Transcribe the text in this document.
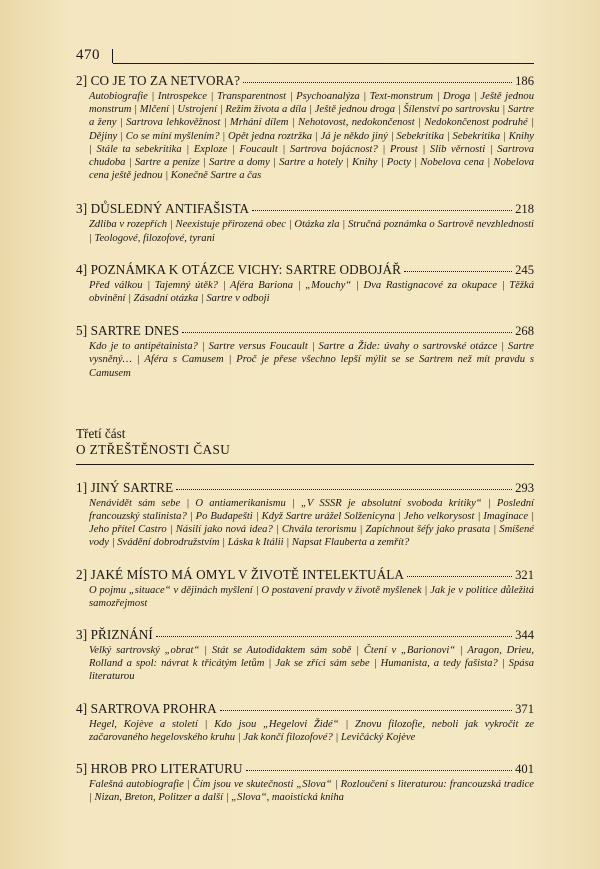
470
2] CO JE TO ZA NETVORA?	186
Autobiografie | Introspekce | Transparentnost | Psychoanalýza | Text-monstrum | Droga | Ještě jednou monstrum | Mlčení | Ustrojení | Režim života a díla | Ještě jednou droga | Šílenství po sartrovsku | Sartre a ženy | Sartrova lehkověžnost | Mrhání dílem | Nehotovost, nedokončenost | Nedokončenost podruhé | Dějiny | Co se míní myšlením? | Opět jedna roztržka | Já je někdo jiný | Sebekritika | Sebekritika | Knihy | Stále ta sebekritika | Exploze | Foucault | Sartrova bojácnost? | Proust | Slib věrnosti | Sartrova chudoba | Sartre a peníze | Sartre a domy | Sartre a hotely | Knihy | Pocty | Nobelova cena | Nobelova cena ještě jednou | Konečně Sartre a čas
3] DŮSLEDNÝ ANTIFAŠISTA	218
Zdliba v rozepřích | Neexistuje přirozená obec | Otázka zla | Stručná poznámka o Sartrově nevzhlednosti | Teologové, filozofové, tyrani
4] POZNÁMKA K OTÁZCE VICHY: SARTRE ODBOJÁŘ	245
Před válkou | Tajemný útěk? | Aféra Bariona | „Mouchy“ | Dva Rastignacové za okupace | Těžká obvinění | Zásadní otázka | Sartre v odboji
5] SARTRE DNES	268
Kdo je to antipétainista? | Sartre versus Foucault | Sartre a Žide: úvahy o sartrovské otázce | Sartre vysněný… | Aféra s Camusem | Proč je přese všechno lepší mýlit se se Sartrem než mít pravdu s Camusem
Třetí část
O ZTŘEŠTĚNOSTI ČASU
1] JINÝ SARTRE	293
Nenávidět sám sebe | O antiamerikanismu | „V SSSR je absolutní svoboda kritiky“ | Poslední francouzský stalinista? | Po Budapešti | Když Sartre urážel Solženicyna | Jeho velkorysost | Imaginace | Jeho přítel Castro | Násilí jako nová idea? | Chvála terorismu | Zapíchnout šéfy jako prasata | Smíšené vody | Svádění dobrodružstvím | Láska k Itálii | Napsat Flauberta a zemřít?
2] JAKÉ MÍSTO MÁ OMYL V ŽIVOTĚ INTELEKTUÁLA	321
O pojmu „situace“ v dějinách myšlení | O postavení pravdy v životě myšlenek | Jak je v politice důležitá samozřejmost
3] PŘIZNÁNÍ	344
Velký sartrovský „obrat“ | Stát se Autodidaktem sám sobě | Čtení v „Barionovi“ | Aragon, Drieu, Rolland a spol: návrat k třicátým letům | Jak se zříci sám sebe | Humanista, a tedy fašista? | Spása literaturou
4] SARTROVA PROHRA	371
Hegel, Kojève a století | Kdo jsou „Hegelovi Židé“ | Znovu filozofie, neboli jak vykročit ze začarovaného hegelovského kruhu | Jak končí filozofové? | Levičácký Kojève
5] HROB PRO LITERATURU	401
Falešná autobiografie | Čím jsou ve skutečnosti „Slova“ | Rozloučení s literaturou: francouzská tradice | Nizan, Breton, Politzer a další | „Slova“, maoistická kniha
